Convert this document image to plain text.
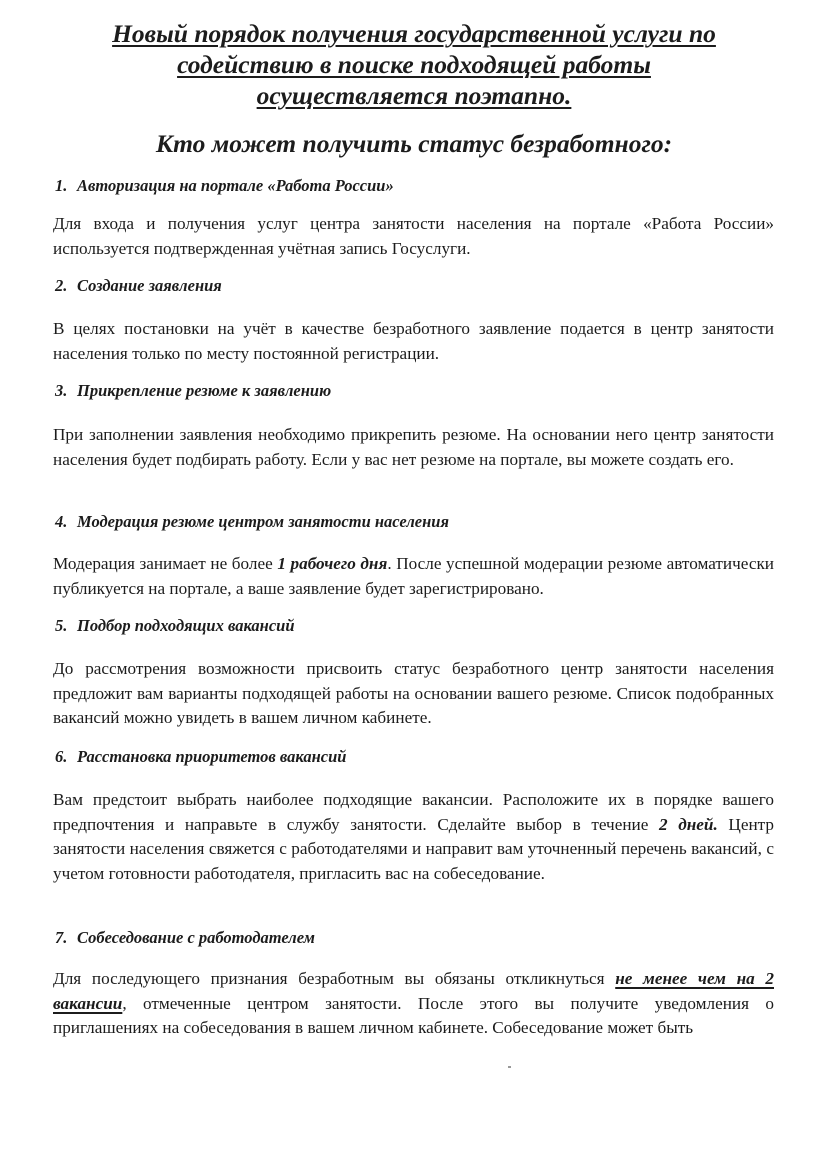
Новый порядок получения государственной услуги по
содействию в поиске подходящей работы
осуществляется поэтапно.
Кто может получить статус безработного:
1. Авторизация на портале «Работа России»
Для входа и получения услуг центра занятости населения на портале «Работа России» используется подтвержденная учётная запись Госуслуги.
2. Создание заявления
В целях постановки на учёт в качестве безработного заявление подается в центр занятости населения только по месту постоянной регистрации.
3. Прикрепление резюме к заявлению
При заполнении заявления необходимо прикрепить резюме. На основании него центр занятости населения будет подбирать работу. Если у вас нет резюме на портале, вы можете создать его.
4. Модерация резюме центром занятости населения
Модерация занимает не более 1 рабочего дня. После успешной модерации резюме автоматически публикуется на портале, а ваше заявление будет зарегистрировано.
5. Подбор подходящих вакансий
До рассмотрения возможности присвоить статус безработного центр занятости населения предложит вам варианты подходящей работы на основании вашего резюме. Список подобранных вакансий можно увидеть в вашем личном кабинете.
6. Расстановка приоритетов вакансий
Вам предстоит выбрать наиболее подходящие вакансии. Расположите их в порядке вашего предпочтения и направьте в службу занятости. Сделайте выбор в течение 2 дней. Центр занятости населения свяжется с работодателями и направит вам уточненный перечень вакансий, с учетом готовности работодателя, пригласить вас на собеседование.
7. Собеседование с работодателем
Для последующего признания безработным вы обязаны откликнуться не менее чем на 2 вакансии, отмеченные центром занятости. После этого вы получите уведомления о приглашениях на собеседования в вашем личном кабинете. Собеседование может быть
